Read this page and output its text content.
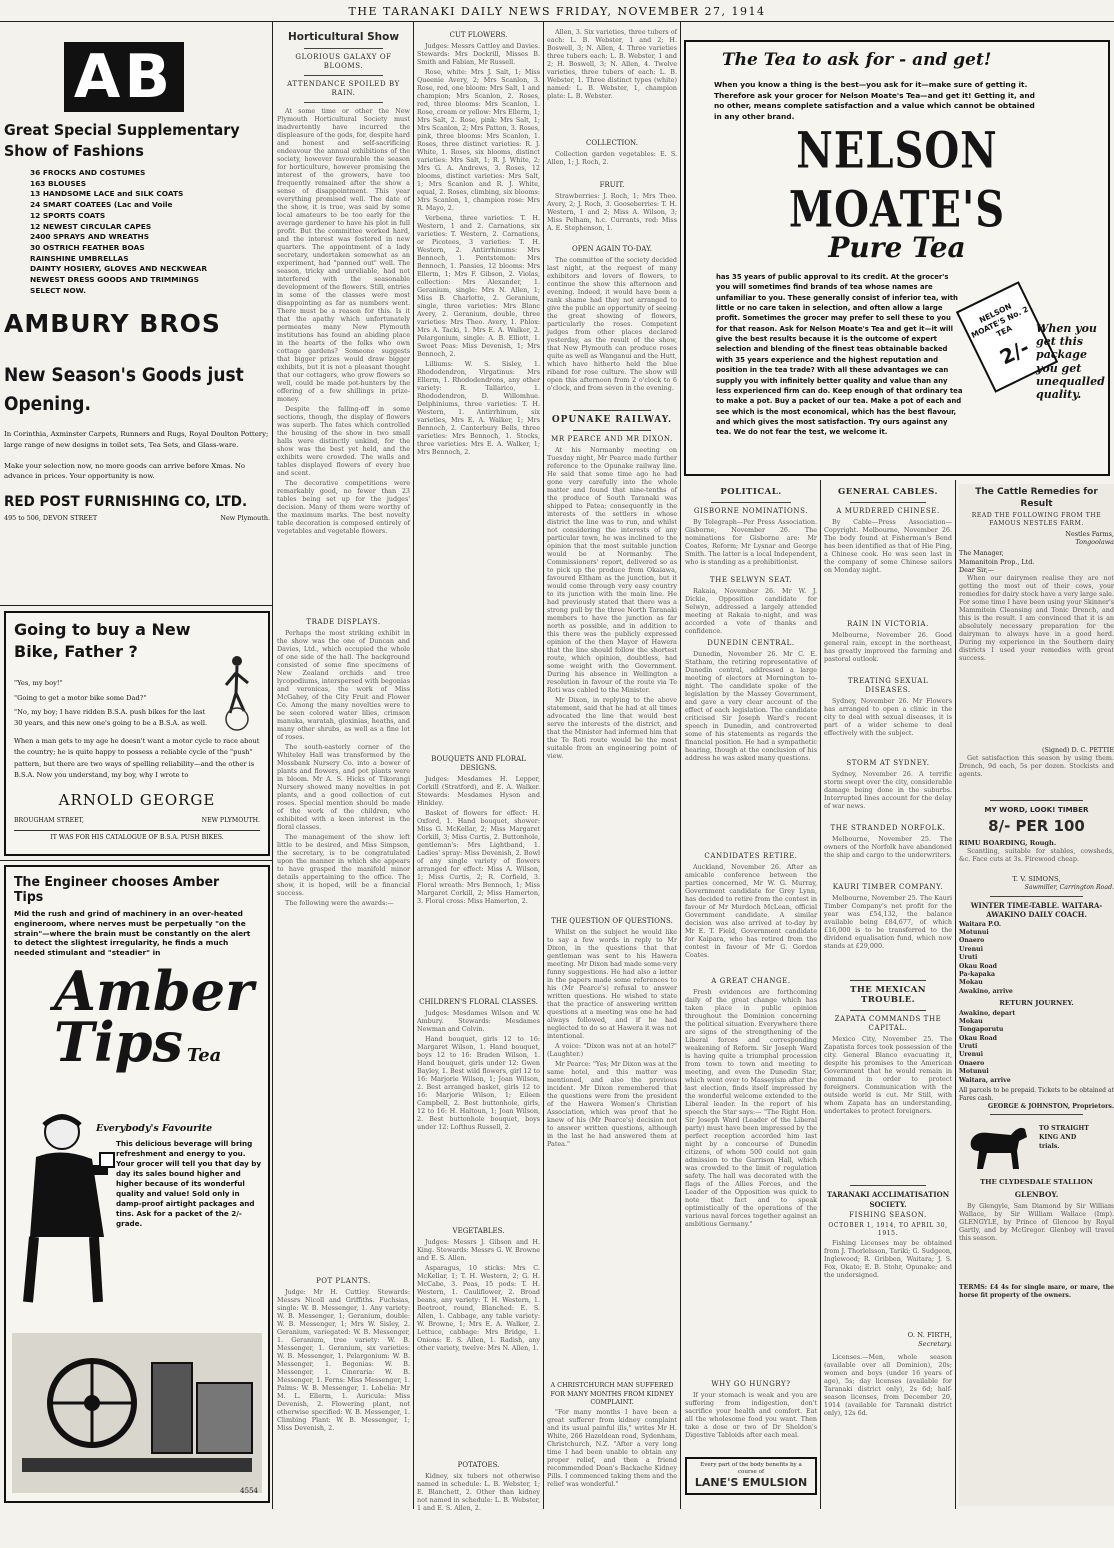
THE TARANAKI DAILY NEWS FRIDAY, NOVEMBER 27, 1914
AB
Great Special Supplementary Show of Fashions
36 FROCKS AND COSTUMES
163 BLOUSES
13 HANDSOME LACE and SILK COATS
24 SMART COATEES (Lac and Voile
12 SPORTS COATS
12 NEWEST CIRCULAR CAPES
2400 SPRAYS AND WREATHS
30 OSTRICH FEATHER BOAS
RAINSHINE UMBRELLAS
DAINTY HOSIERY, GLOVES AND NECKWEAR
NEWEST DRESS GOODS AND TRIMMINGS
SELECT NOW.
AMBURY BROS
New Season's Goods just Opening.
In Corinthia, Axminster Carpets, Runners and Rugs, Royal Doulton Pottery; large range of new designs in toilet sets, Tea Sets, and Glass-ware.
Make your selection now, no more goods can arrive before Xmas. No advance in prices. Your opportunity is now.
RED POST FURNISHING CO, LTD.
495 to 506, DEVON STREET	New Plymouth.
Going to buy a New Bike, Father ?
"Yes, my boy!"
"Going to get a motor bike some Dad?"
"No, my boy; I have ridden B.S.A. push bikes for the last 30 years, and this new one's going to be a B.S.A. as well.
When a man gets to my age he doesn't want a motor cycle to race about the country; he is quite happy to possess a reliable cycle of the "push" pattern, but there are two ways of spelling reliability—and the other is B.S.A. Now you understand, my boy, why I wrote to
ARNOLD GEORGE
BROUGHAM STREET,	NEW PLYMOUTH.
IT WAS FOR HIS CATALOGUE OF B.S.A. PUSH BIKES.
The Engineer chooses Amber Tips
Mid the rush and grind of machinery in an over-heated engineroom, where nerves must be perpetually "on the strain"—where the brain must be constantly on the alert to detect the slightest irregularity, he finds a much needed stimulant and "steadier" in
Amber
Tips Tea
Everybody's Favourite
This delicious beverage will bring refreshment and energy to you. Your grocer will tell you that day by day its sales bound higher and higher because of its wonderful quality and value! Sold only in damp-proof airtight packages and tins. Ask for a packet of the 2/- grade.
4554
Horticultural Show
GLORIOUS GALAXY OF BLOOMS.
ATTENDANCE SPOILED BY RAIN.

At some time or other the New Plymouth Horticultural Society must inadvertently have incurred the displeasure of the gods, for, despite hard and honest and self-sacrificing endeavour the annual exhibitions of the society, however favourable the season for horticulture, however promising the interest of the growers, have too frequently remained after the show a sense of disappointment. This year everything promised well. The date of the show, it is true, was said by some local amateurs to be too early for the average gardener to have his plot in full profit. But the committee worked hard, and the interest was fostered in new quarters. The appointment of a lady secretary, undertaken somewhat as an experiment, had "panned out" well. The season, tricky and unreliable, had not interfered with the seasonable development of the flowers. Still, entries in some of the classes were most disappointing as far as numbers went. There must be a reason for this. Is it that the apathy which unfortunately permeates many New Plymouth institutions has found an abiding place in the hearts of the folks who own cottage gardens? Someone suggests that bigger prizes would draw bigger exhibits, but it is not a pleasant thought that our cottagers, who grow flowers so well, could be made pot-hunters by the offering of a few shillings in prize-money.

Despite the falling-off in some sections, though, the display of flowers was superb. The fates which controlled the housing of the show in two small halls were distinctly unkind, for the show was the best yet held, and the exhibits were crowded. The walls and tables displayed flowers of every hue and scent.

The decorative competitions were remarkably good, no fewer than 23 tables being set up for the judges' decision. Many of them were worthy of the maximum marks. The best novelty table decoration is composed entirely of vegetables and vegetable flowers.

TRADE DISPLAYS.

Perhaps the most striking exhibit in the show was the one of Duncan and Davies, Ltd., which occupied the whole of one side of the hall. The background consisted of some fine specimens of New Zealand orchids and tree lycopodiums, interspersed with begonias and veronicas, the work of Miss McGahey, of the City Fruit and Flower Co. Among the many novelties were to be seen colored water lilies, crimson manuka, waratah, gloxinias, heaths, and many other shrubs, as well as a fine lot of roses.

The south-easterly corner of the Whiteley Hall was transformed by the Mossbank Nursery Co. into a bower of plants and flowers, and pot plants were in bloom. Mr A. S. Hicks of Tikorangi Nursery showed many novelties in pot plants, and a good collection of cut roses. Special mention should be made of the work of the children, who exhibited with a keen interest in the floral classes.

The management of the show left little to be desired, and Miss Simpson, the secretary, is to be congratulated upon the manner in which she appears to have grasped the manifold minor details appertaining to the office. The show, it is hoped, will be a financial success.

The following were the awards:—

POT PLANTS.

Judge: Mr H. Cuttley. Stewards: Messrs Nicoll and Griffiths. Fuchsias, single: W. B. Messenger, 1. Any variety: W. B. Messenger, 1; Geranium, double: W. B. Messenger, 1; Mrs W. Sisley, 2. Geranium, variegated: W. B. Messenger, 1. Geranium, tree variety: W. B. Messenger, 1. Geranium, six varieties: W. B. Messenger, 1. Pelargonium: W. B. Messenger, 1. Begonias: W. B. Messenger, 1. Cineraria: W. B. Messenger, 1. Ferns: Miss Messenger, 1. Palms: W. B. Messenger, 1. Lobelia: Mr M. L. Ellerm, 1. Auricula: Miss Devenish, 2. Flowering plant, not otherwise specified: W. B. Messenger, 1. Climbing Plant: W. B. Messenger, 1; Miss Devenish, 2.

CUT FLOWERS.

Judges: Messrs Cattley and Davies. Stewards: Mrs Dockrill, Misses B. Smith and Fabian, Mr Russell.

Rose, white: Mrs J. Salt, 1; Miss Queenie Avery, 2; Mrs Scanlon, 3. Rose, red, one bloom: Mrs Salt, 1 and champion; Mrs Scanlon, 2. Roses, red, three blooms: Mrs Scanlon, 1. Rose, cream or yellow: Mrs Ellerm, 1; Mrs Salt, 2. Rose, pink: Mrs Salt, 1; Mrs Scanlon, 2; Mrs Patton, 3. Roses, pink, three blooms: Mrs Scanlon, 1. Roses, three distinct varieties: R. J. White, 1. Roses, six blooms, distinct varieties: Mrs Salt, 1; R. J. White, 2; Mrs G. A. Andrews, 3. Roses, 12 blooms, distinct varieties: Mrs Salt, 1; Mrs Scanlon and R. J. White, equal, 2. Roses, climbing, six blooms: Mrs Scanlon, 1, champion rose: Mrs R. Mayo, 2.

Verbena, three varieties: T. H. Western, 1 and 2. Carnations, six varieties: T. Western, 2. Carnations, or Picotees, 3 varieties: T. H. Western, 2. Antirrhinums: Mrs Bennoch, 1. Pentstemon: Mrs Bennoch, 1. Pansies, 12 blooms: Mrs Ellerm, 1; Mrs F. Gibson, 2. Violas, collection: Mrs Alexander, 1. Geranium, single: Mrs N. Allen, 1; Miss B. Charlotte, 2. Geranium, single, three varieties: Mrs Blanc Avery, 2. Geranium, double, three varieties: Mrs Theo. Avery, 1. Phlox: Mrs A. Tacki, 1. Mrs E. A. Walker, 2. Pelargonium, single: A. B. Elliott, 1. Sweet Peas: Miss Devenish, 1; Mrs Bennoch, 2.

Lilliums: W. S. Sisley, 1. Rhododendron, Virgatinus: Mrs Ellerm, 1. Rhododendrons, any other variety: R. Tallarico, 1. Rhododendron, D. Willomhue. Delphiniums, three varieties: T. H. Western, 1. Antirrhinum, six varieties, Mrs E. A. Walker, 1; Mrs Bennoch, 2. Canterbury Bells, three varieties: Mrs Bennoch, 1. Stocks, three varieties: Mrs E. A. Walker, 1; Mrs Bennoch, 2.

BOUQUETS AND FLORAL DESIGNS.

Judges: Mesdames H. Lepper, Corkill (Stratford), and E. A. Walker. Stewards: Mesdames Hyson and Hinkley.

Basket of flowers for effect: H. Oxford, 1. Hand bouquet, shower: Miss G. McKellar, 2; Miss Margaret Corkill, 3; Miss Curtis, 2. Buttonhole, gentleman's: Mrs Lightband, 1. Ladies' spray: Miss Devenish, 2. Bowl of any single variety of flowers arranged for effect: Miss A. Wilson, 1; Miss Curtis, 2; R. Corfield, 3. Floral wreath: Mrs Bennoch, 1; Miss Margaret Corkill, 2; Miss Hamerton, 3. Floral cross: Miss Hamerton, 2.

CHILDREN'S FLORAL CLASSES.

Judges: Mesdames Wilson and W. Ambury. Stewards: Mesdames Newman and Colvin.

Hand bouquet, girls 12 to 16: Margaret Wilson, 1. Hand bouquet, boys 12 to 16: Braden Wilson, 1. Hand bouquet, girls under 12: Gwen Bayley, 1. Best wild flowers, girl 12 to 16: Marjorie Wilson, 1; Joan Wilson, 2. Best arranged basket, girls 12 to 16: Marjorie Wilson, 1; Eileen Campbell, 2. Best buttonhole, girls, 12 to 16: H. Haltoun, 1; Joan Wilson, 2. Best buttonhole bouquet, boys under 12: Lofthus Russell, 2.

VEGETABLES.

Judges: Messrs J. Gibson and H. King. Stewards: Messrs G. W. Browne and E. S. Allen.

Asparagus, 10 sticks: Mrs C. McKellar, 1; T. H. Western, 2; G. H. McCabe, 3. Peas, 15 pods: T. H. Western, 1. Cauliflower, 2. Broad beans, any variety: T. H. Western, 1. Beetroot, round, Blanched: E. S. Allen, 1. Cabbage, any table variety: W. Browne, 1; Mrs E. A. Walker, 2. Lettuce, cabbage: Mrs Bridge, 1. Onions: E. S. Allen, 1. Radish, any other variety, twelve: Mrs N. Allen, 1.

POTATOES.

Kidney, six tubers not otherwise named in schedule: L. B. Webster, 1; E. Blanchett, 2. Other than kidney not named in schedule: L. B. Webster, 1 and E. S. Allen, 2.

Allen, 3. Six varieties, three tubers of each: L. B. Webster, 1 and 2; H. Boswell, 3; N. Allen, 4. Three varieties three tubers each: L. B. Webster, 1 and 2; H. Boswell, 3; N. Allen, 4. Twelve varieties, three tubers of each: L. B. Webster, 1. Three distinct types (white) named: L. B. Webster, 1, champion plate: L. B. Webster.

COLLECTION.

Collection garden vegetables: E. S. Allen, 1; J. Roch, 2.

FRUIT.

Strawberries: J. Roch, 1; Mrs Theo. Avery, 2; J. Roch, 3. Gooseberries: T. H. Western, 1 and 2; Miss A. Wilson, 3; Miss Pelham, h.c. Currants, red: Miss A. E. Stephenson, 1.

OPEN AGAIN TO-DAY.

The committee of the society decided last night, at the request of many exhibitors and lovers of flowers, to continue the show this afternoon and evening. Indeed, it would have been a rank shame had they not arranged to give the public an opportunity of seeing the great showing of flowers, particularly the roses. Competent judges from other places declared yesterday, as the result of the show, that New Plymouth can produce roses quite as well as Wanganui and the Hutt, which have hitherto held the blue riband for rose culture. The show will open this afternoon from 2 o'clock to 6 o'clock, and from seven in the evening.

OPUNAKE RAILWAY.
MR PEARCE AND MR DIXON.

At his Normanby meeting on Tuesday night, Mr Pearce made further reference to the Opunake railway line. He said that some time ago he had gone very carefully into the whole matter and found that nine-tenths of the produce of South Taranaki was shipped to Patea; consequently in the interests of the settlers in whose district the line was to run, and whilst not considering the interests of any particular town, he was inclined to the opinion that the most suitable junction would be at Normanby. The Commissioners' report, delivered so as to pick up the produce from Okaiawa, favoured Eltham as the junction, but it would come through very easy country to its junction with the main line. He had previously stated that there was a strong pull by the three North Taranaki members to have the junction as far north as possible, and in addition to this there was the publicly expressed opinion of the then Mayor of Hawera that the line should follow the shortest route, which opinion, doubtless, had some weight with the Government. During his absence in Wellington a resolution in favour of the route via Te Roti was cabled to the Minister.

Mr Dixon, in replying to the above statement, said that he had at all times advocated the line that would best serve the interests of the district, and that the Minister had informed him that the Te Roti route would be the most suitable from an engineering point of view.

THE QUESTION OF QUESTIONS.

Whilst on the subject he would like to say a few words in reply to Mr Dixon, in the questions that that gentleman was sent to his Hawera meeting. Mr Dixon had made some very funny suggestions. He had also a letter in the papers made some references to his (Mr Pearce's) refusal to answer written questions. He wished to state that the practice of answering written questions at a meeting was one he had always followed, and if he had neglected to do so at Hawera it was not intentional.

A voice: "Dixon was not at an hotel?" (Laughter.)

Mr Pearce: "Yes; Mr Dixon was at the same hotel, and this matter was mentioned, and also the previous incident. Mr Dixon remembered that the questions were from the president of the Hawera Women's Christian Association, which was proof that he knew of his (Mr Pearce's) decision not to answer written questions, although in the last he had answered them at Patea."

A CHRISTCHURCH MAN SUFFERED FOR MANY MONTHS FROM KIDNEY COMPLAINT.

"For many months I have been a great sufferer from kidney complaint and its usual painful ills," writes Mr H. White, 266 Hazeldean road, Sydenham, Christchurch, N.Z. "After a very long time I had been unable to obtain any proper relief, and then a friend recommended Doan's Backache Kidney Pills. I commenced taking them and the relief was wonderful."

The Tea to ask for - and get!
When you know a thing is the best—you ask for it—make sure of getting it. Therefore ask your grocer for Nelson Moate's Tea—and get it! Getting it, and no other, means complete satisfaction and a value which cannot be obtained in any other brand.
NELSON MOATE'S
Pure Tea
has 35 years of public approval to its credit. At the grocer's you will sometimes find brands of tea whose names are unfamiliar to you. These generally consist of inferior tea, with little or no care taken in selection, and often allow a large profit. Sometimes the grocer may prefer to sell these to you for that reason. Ask for Nelson Moate's Tea and get it—it will give the best results because it is the outcome of expert selection and blending of the finest teas obtainable backed with 35 years experience and the highest reputation and position in the tea trade? With all these advantages we can supply you with infinitely better quality and value than any less experienced firm can do. Keep enough of that ordinary tea to make a pot. Buy a packet of our tea. Make a pot of each and see which is the most economical, which has the best flavour, and which gives the most satisfaction. Try ours against any tea. We do not fear the test, we welcome it.
NELSON MOATE'S No. 2 TEA
2/-
When you get this package you get unequalled quality.
POLITICAL.
GISBORNE NOMINATIONS.

By Telegraph—Per Press Association. Gisborne, November 26. The nominations for Gisborne are: Mr Coates, Reform; Mr Lysnar and George Smith. The latter is a local Independent, who is standing as a prohibitionist.

THE SELWYN SEAT.

Rakaia, November 26. Mr W. J. Dickie, Opposition candidate for Selwyn, addressed a largely attended meeting at Rakaia to-night, and was accorded a vote of thanks and confidence.

DUNEDIN CENTRAL.

Dunedin, November 26. Mr C. E. Statham, the retiring representative of Dunedin central, addressed a large meeting of electors at Mornington to-night. The candidate spoke of the legislation by the Massey Government, and gave a very clear account of the effect of each legislation. The candidate criticised Sir Joseph Ward's recent speech in Dunedin, and controverted some of his statements as regards the financial position. He had a sympathetic hearing, though at the conclusion of his address he was asked many questions.

CANDIDATES RETIRE.

Auckland, November 26. After an amicable conference between the parties concerned, Mr W. G. Murray, Government candidate for Grey Lynn, has decided to retire from the contest in favour of Mr Murdoch McLean, official Government candidate. A similar decision was also arrived at to-day by Mr E. T. Field, Government candidate for Kaipara, who has retired from the contest in favour of Mr G. Gordon Coates.

A GREAT CHANGE.

Fresh evidences are forthcoming daily of the great change which has taken place in public opinion throughout the Dominion concerning the political situation. Everywhere there are signs of the strengthening of the Liberal forces and corresponding weakening of Reform. Sir Joseph Ward is having quite a triumphal procession from town to town and meeting to meeting, and even the Dunedin Star, which went over to Masseyism after the last election, finds itself impressed by the wonderful welcome extended to the Liberal leader. In the report of his speech the Star says:— "The Right Hon. Sir Joseph Ward (Leader of the Liberal party) must have been impressed by the perfect reception accorded him last night by a concourse of Dunedin citizens, of whom 500 could not gain admission to the Garrison Hall, which was crowded to the limit of regulation safety. The hall was decorated with the flags of the Allies Forces, and the Leader of the Opposition was quick to note that fact and to speak optimistically of the operations of the various naval forces together against an ambitious Germany."

WHY GO HUNGRY?

If your stomach is weak and you are suffering from indigestion, don't sacrifice your health and comfort. Eat all the wholesome food you want. Then take a dose or two of Dr Sheldon's Digestive Tabloids after each meal.

Every part of the body benefits by a course of
LANE'S EMULSION
GENERAL CABLES.
A MURDERED CHINESE.

By Cable—Press Association—Copyright. Melbourne, November 26. The body found at Fisherman's Bend has been identified as that of Hie Ping, a Chinese cook. He was seen last in the company of some Chinese sailors on Monday night.

RAIN IN VICTORIA.

Melbourne, November 26. Good general rain, except in the northeast, has greatly improved the farming and pastoral outlook.

TREATING SEXUAL DISEASES.

Sydney, November 26. Mr Flowers has arranged to open a clinic in the city to deal with sexual diseases, it is part of a wider scheme to deal effectively with the subject.

STORM AT SYDNEY.

Sydney, November 26. A terrific storm swept over the city, considerable damage being done in the suburbs. Interrupted lines account for the delay of war news.

THE STRANDED NORFOLK.

Melbourne, November 25. The owners of the Norfolk have abandoned the ship and cargo to the underwriters.

KAURI TIMBER COMPANY.

Melbourne, November 25. The Kauri Timber Company's net profit for the year was £54,132, the balance available being £84,677, of which £16,000 is to be transferred to the dividend equalisation fund, which now stands at £29,000.

THE MEXICAN TROUBLE.
ZAPATA COMMANDS THE CAPITAL.

Mexico City, November 25. The Zapatista forces took possession of the city. General Blanco evacuating it, despite his promises to the American Government that he would remain in command in order to protect foreigners. Communication with the outside world is cut. Mr Still, with whom Zapata has an understanding, undertakes to protect foreigners.

TARANAKI ACCLIMATISATION SOCIETY.
FISHING SEASON.
OCTOBER 1, 1914, TO APRIL 30, 1915.

Fishing Licenses may be obtained from J. Thorlelsson, Tariki; G. Sudgeon, Inglewood; R. Gribben, Waitara; J. S. Fox, Okato; E. B. Stohr, Opunake; and the undersigned.

O. N. FIRTH,
Secretary.

Licenses.—Men, whole season (available over all Dominion), 20s; women and boys (under 16 years of age), 5s; day licenses (available for Taranaki district only), 2s 6d; half-season licenses, from December 20, 1914 (available for Taranaki district only), 12s 6d.

The Cattle Remedies for Result
READ THE FOLLOWING FROM THE FAMOUS NESTLES FARM.
Nestles Farms,
Tongoolawa
The Manager,
Mamanitoin Prop., Ltd.
Dear Sir,—

When our dairymen realise they are not getting the most out of their cows, your remedies for dairy stock have a very large sale. For some time I have been using your Skinner's Mammitein Cleansing and Tonic Drench, and this is the result. I am convinced that it is an absolutely necessary preparation for the dairyman to always have in a good herd. During my experience in the Southern dairy districts I used your remedies with great success.

(Signed) D. C. PETTIE

Get satisfaction this season by using them. Drench, 9d each, 5s per dozen. Stockists and agents.

MY WORD, LOOK! TIMBER
8/- PER 100
RIMU BOARDING, Rough.

Scantling, suitable for stables, cowsheds, &c. Face cuts at 3s. Firewood cheap.

T. V. SIMONS,
Sawmiller, Carrington Road.
WINTER TIME-TABLE. WAITARA-AWAKINO DAILY COACH.
Waitara P.O.
Motunui
Onaero
Urenui
Uruti
Okau Road
Pa-kapaka
Mokau
Awakino, arrive
RETURN JOURNEY.
Awakino, depart
Mokau
Tongaporutu
Okau Road
Uruti
Urenui
Onaero
Motunui
Waitara, arrive
All parcels to be prepaid. Tickets to be obtained at Fares cash.
GEORGE & JOHNSTON, Proprietors.
TO STRAIGHT
KING AND
trials.
THE CLYDESDALE STALLION
GLENBOY.

By Glengyle, Sam Diamond by Sir William Wallace, by Sir William Wallace (Imp). GLENGYLE, by Prince of Glencoe by Royal Gartly, and by McGregor. Glenboy will travel this season.

TERMS: £4 4s for single mare, or mare, the horse fit property of the owners.
